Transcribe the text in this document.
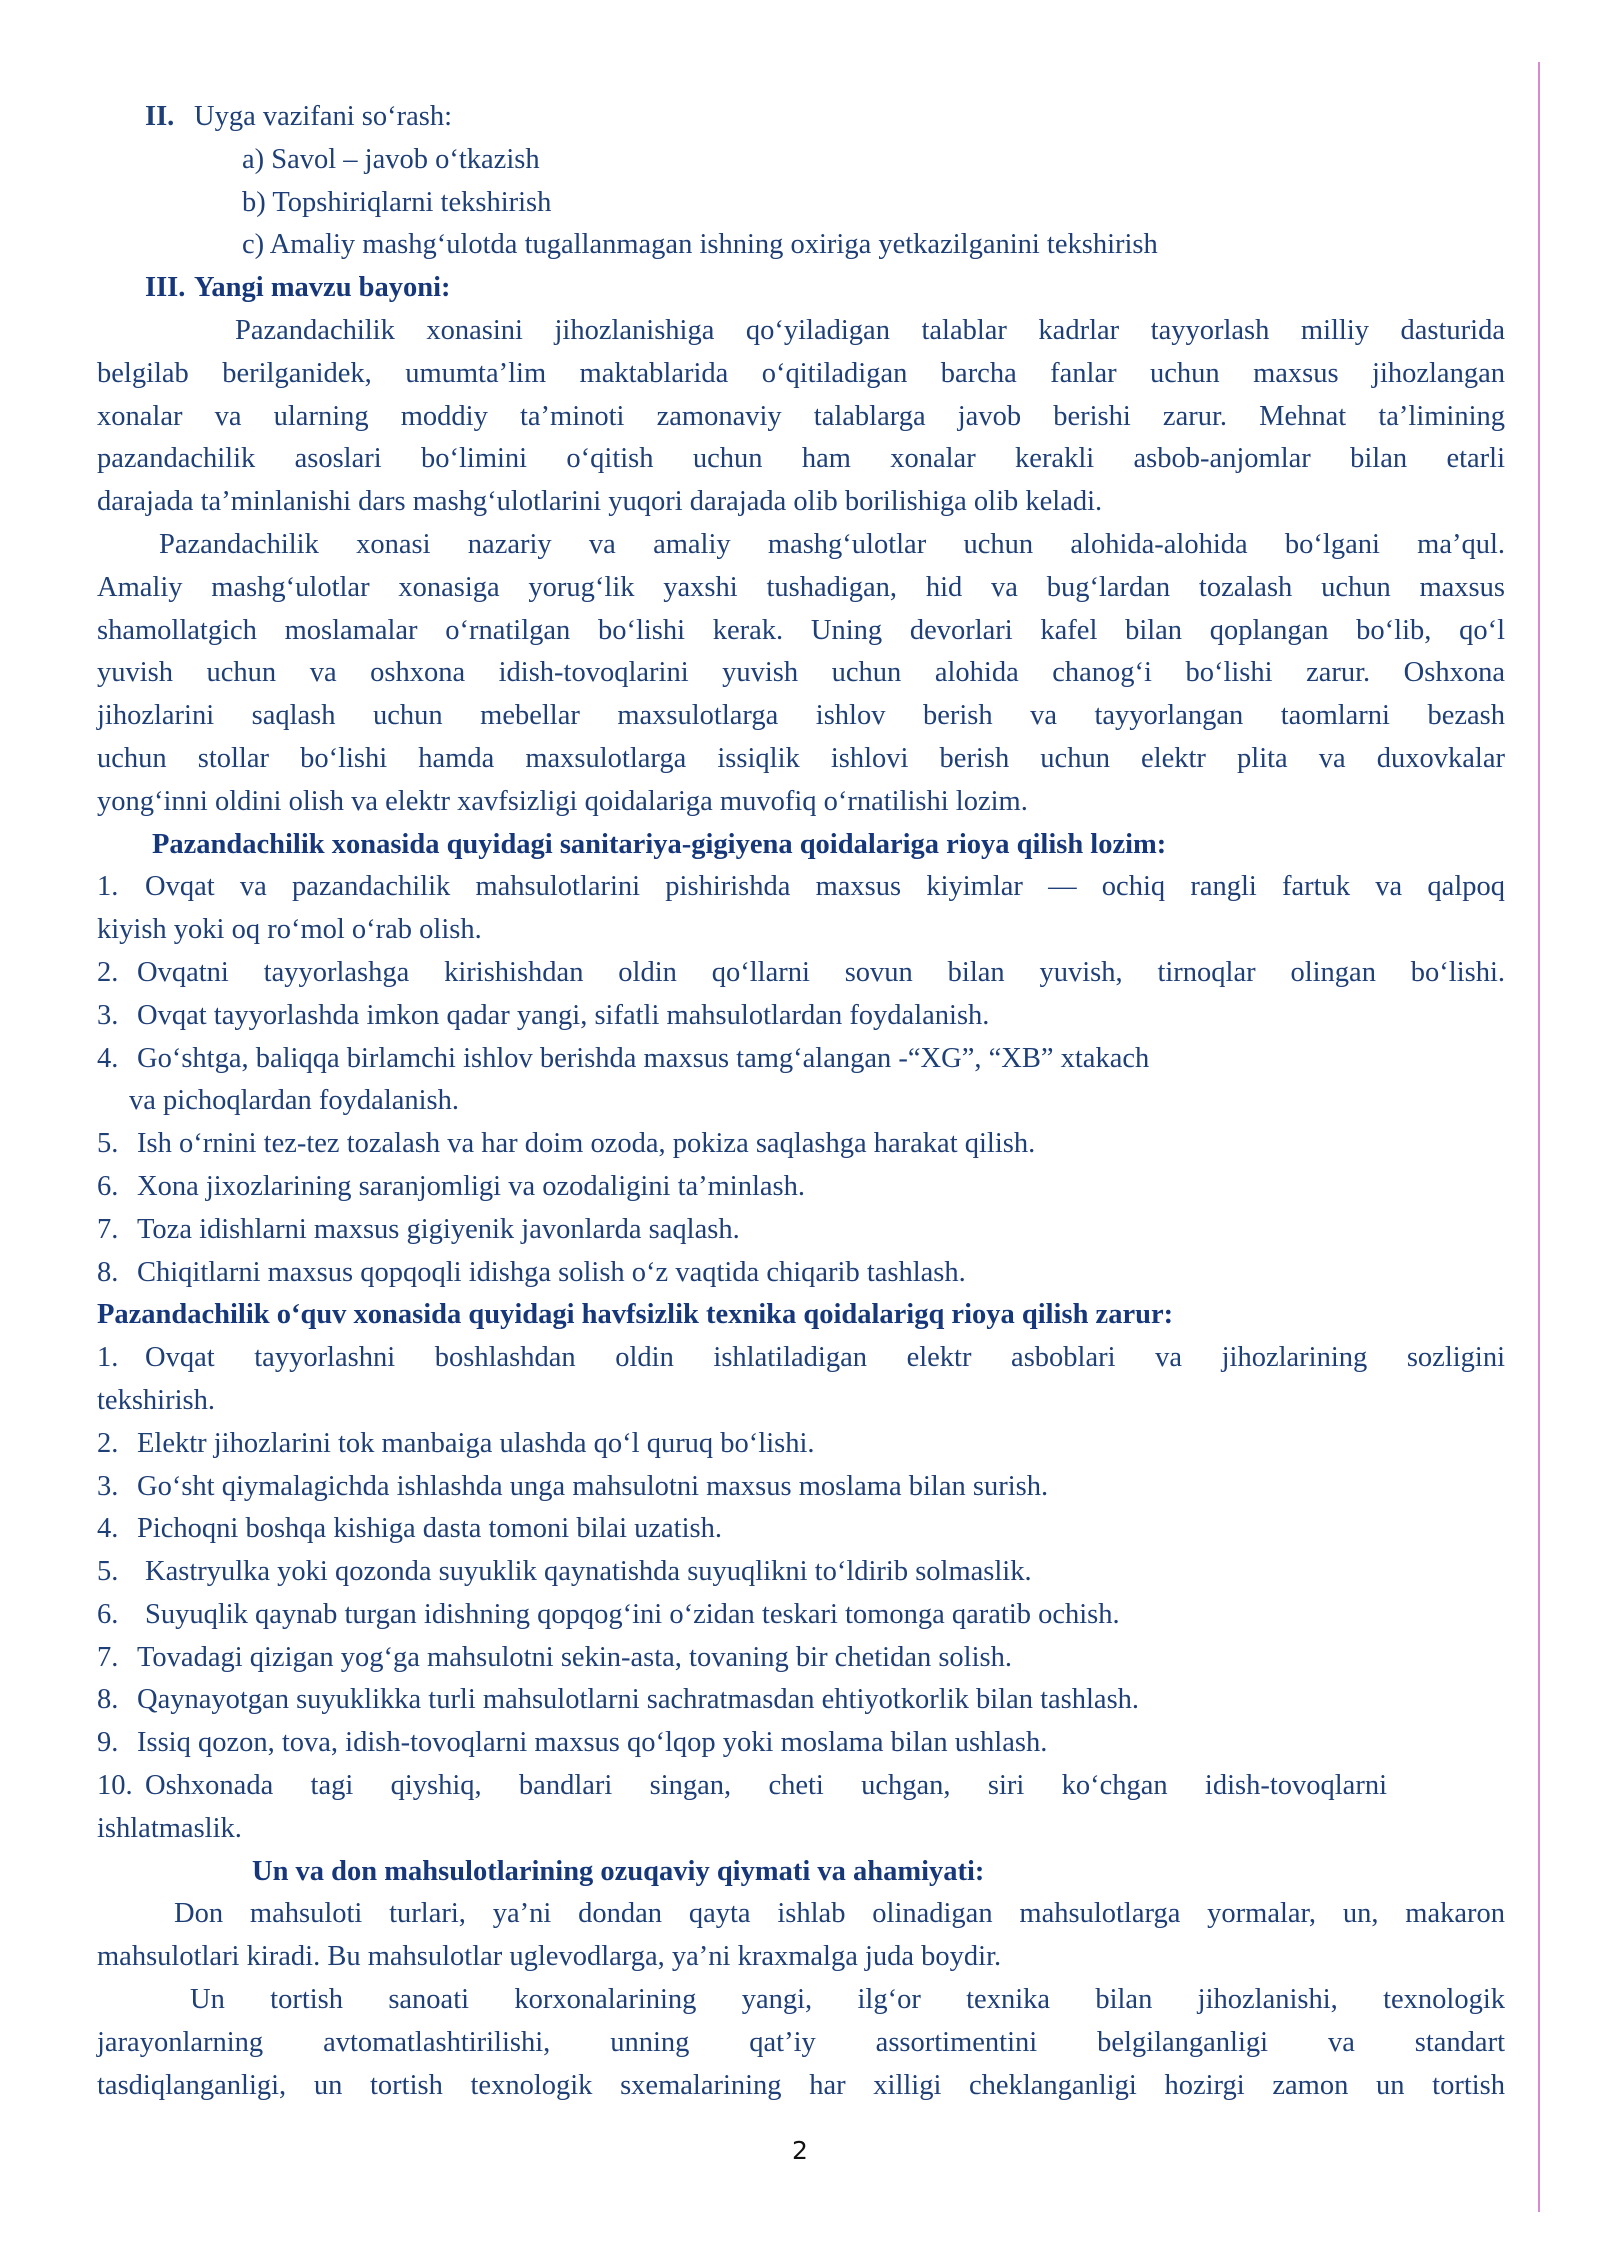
II. Uyga vazifani so‘rash:
a) Savol – javob o‘tkazish
b) Topshiriqlarni tekshirish
c) Amaliy mashg‘ulotda tugallanmagan ishning oxiriga yetkazilganini tekshirish
III. Yangi mavzu bayoni:
Pazandachilik xonasini jihozlanishiga qo‘yiladigan talablar kadrlar tayyorlash milliy dasturida
belgilab berilganidek, umumta’lim maktablarida o‘qitiladigan barcha fanlar uchun maxsus jihozlangan
xonalar va ularning moddiy ta’minoti zamonaviy talablarga javob berishi zarur. Mehnat ta’limining
pazandachilik asoslari bo‘limini o‘qitish uchun ham xonalar kerakli asbob-anjomlar bilan etarli
darajada ta’minlanishi dars mashg‘ulotlarini yuqori darajada olib borilishiga olib keladi.
Pazandachilik xonasi nazariy va amaliy mashg‘ulotlar uchun alohida-alohida bo‘lgani ma’qul.
Amaliy mashg‘ulotlar xonasiga yorug‘lik yaxshi tushadigan, hid va bug‘lardan tozalash uchun maxsus
shamollatgich moslamalar o‘rnatilgan bo‘lishi kerak. Uning devorlari kafel bilan qoplangan bo‘lib, qo‘l
yuvish uchun va oshxona idish-tovoqlarini yuvish uchun alohida chanog‘i bo‘lishi zarur. Oshxona
jihozlarini saqlash uchun mebellar maxsulotlarga ishlov berish va tayyorlangan taomlarni bezash
uchun stollar bo‘lishi hamda maxsulotlarga issiqlik ishlovi berish uchun elektr plita va duxovkalar
yong‘inni oldini olish va elektr xavfsizligi qoidalariga muvofiq o‘rnatilishi lozim.
Pazandachilik xonasida quyidagi sanitariya-gigiyena qoidalariga rioya qilish lozim:
1. Ovqat va pazandachilik mahsulotlarini pishirishda maxsus kiyimlar — ochiq rangli fartuk va qalpoq
kiyish yoki oq ro‘mol o‘rab olish.
2. Ovqatni tayyorlashga kirishishdan oldin qo‘llarni sovun bilan yuvish, tirnoqlar olingan bo‘lishi.
3. Ovqat tayyorlashda imkon qadar yangi, sifatli mahsulotlardan foydalanish.
4. Go‘shtga, baliqqa birlamchi ishlov berishda maxsus tamg‘alangan -“XG”, “XB” xtakach
va pichoqlardan foydalanish.
5. Ish o‘rnini tez-tez tozalash va har doim ozoda, pokiza saqlashga harakat qilish.
6. Xona jixozlarining saranjomligi va ozodaligini ta’minlash.
7. Toza idishlarni maxsus gigiyenik javonlarda saqlash.
8. Chiqitlarni maxsus qopqoqli idishga solish o‘z vaqtida chiqarib tashlash.
Pazandachilik o‘quv xonasida quyidagi havfsizlik texnika qoidalarigq rioya qilish zarur:
1. Ovqat tayyorlashni boshlashdan oldin ishlatiladigan elektr asboblari va jihozlarining sozligini
tekshirish.
2. Elektr jihozlarini tok manbaiga ulashda qo‘l quruq bo‘lishi.
3. Go‘sht qiymalagichda ishlashda unga mahsulotni maxsus moslama bilan surish.
4. Pichoqni boshqa kishiga dasta tomoni bilai uzatish.
5. Kastryulka yoki qozonda suyuklik qaynatishda suyuqlikni to‘ldirib solmaslik.
6. Suyuqlik qaynab turgan idishning qopqog‘ini o‘zidan teskari tomonga qaratib ochish.
7. Tovadagi qizigan yog‘ga mahsulotni sekin-asta, tovaning bir chetidan solish.
8. Qaynayotgan suyuklikka turli mahsulotlarni sachratmasdan ehtiyotkorlik bilan tashlash.
9. Issiq qozon, tova, idish-tovoqlarni maxsus qo‘lqop yoki moslama bilan ushlash.
10. Oshxonada tagi qiyshiq, bandlari singan, cheti uchgan, siri ko‘chgan idish-tovoqlarni
ishlatmaslik.
Un va don mahsulotlarining ozuqaviy qiymati va ahamiyati:
Don mahsuloti turlari, ya’ni dondan qayta ishlab olinadigan mahsulotlarga yormalar, un, makaron
mahsulotlari kiradi. Bu mahsulotlar uglevodlarga, ya’ni kraxmalga juda boydir.
Un tortish sanoati korxonalarining yangi, ilg‘or texnika bilan jihozlanishi, texnologik
jarayonlarning avtomatlashtirilishi, unning qat’iy assortimentini belgilanganligi va standart
tasdiqlanganligi, un tortish texnologik sxemalarining har xilligi cheklanganligi hozirgi zamon un tortish
2
